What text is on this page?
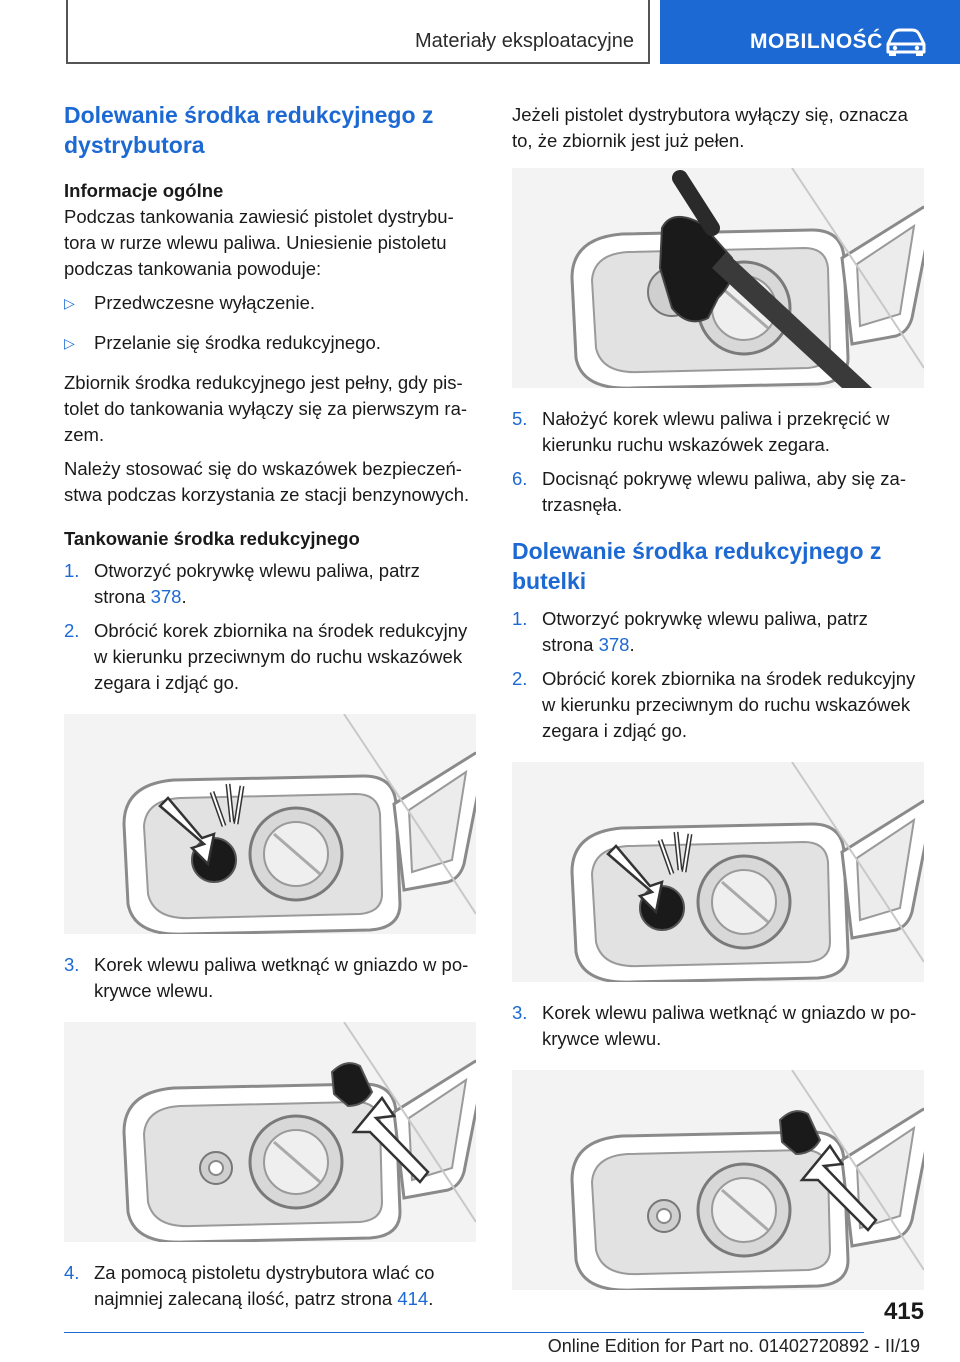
Materiały eksploatacyjne	MOBILNOŚĆ
Dolewanie środka redukcyjnego z dystrybutora
Informacje ogólne

Podczas tankowania zawiesić pistolet dystrybutora w rurze wlewu paliwa. Uniesienie pistoletu podczas tankowania powoduje:

▷ Przedwczesne wyłączenie.
▷ Przelanie się środka redukcyjnego.

Zbiornik środka redukcyjnego jest pełny, gdy pistolet do tankowania wyłączy się za pierwszym razem.

Należy stosować się do wskazówek bezpieczeństwa podczas korzystania ze stacji benzynowych.

Tankowanie środka redukcyjnego
1. Otworzyć pokrywkę wlewu paliwa, patrz strona 378.
2. Obrócić korek zbiornika na środek redukcyjny w kierunku przeciwnym do ruchu wskazówek zegara i zdjąć go.
3. Korek wlewu paliwa wetknąć w gniazdo w pokrywce wlewu.
4. Za pomocą pistoletu dystrybutora wlać co najmniej zalecaną ilość, patrz strona 414.

Jeżeli pistolet dystrybutora wyłączy się, oznacza to, że zbiornik jest już pełen.

5. Nałożyć korek wlewu paliwa i przekręcić w kierunku ruchu wskazówek zegara.
6. Docisnąć pokrywę wlewu paliwa, aby się zatrzasnęła.
Dolewanie środka redukcyjnego z butelki
1. Otworzyć pokrywkę wlewu paliwa, patrz strona 378.
2. Obrócić korek zbiornika na środek redukcyjny w kierunku przeciwnym do ruchu wskazówek zegara i zdjąć go.
3. Korek wlewu paliwa wetknąć w gniazdo w pokrywce wlewu.
415
Online Edition for Part no. 01402720892 - II/19
